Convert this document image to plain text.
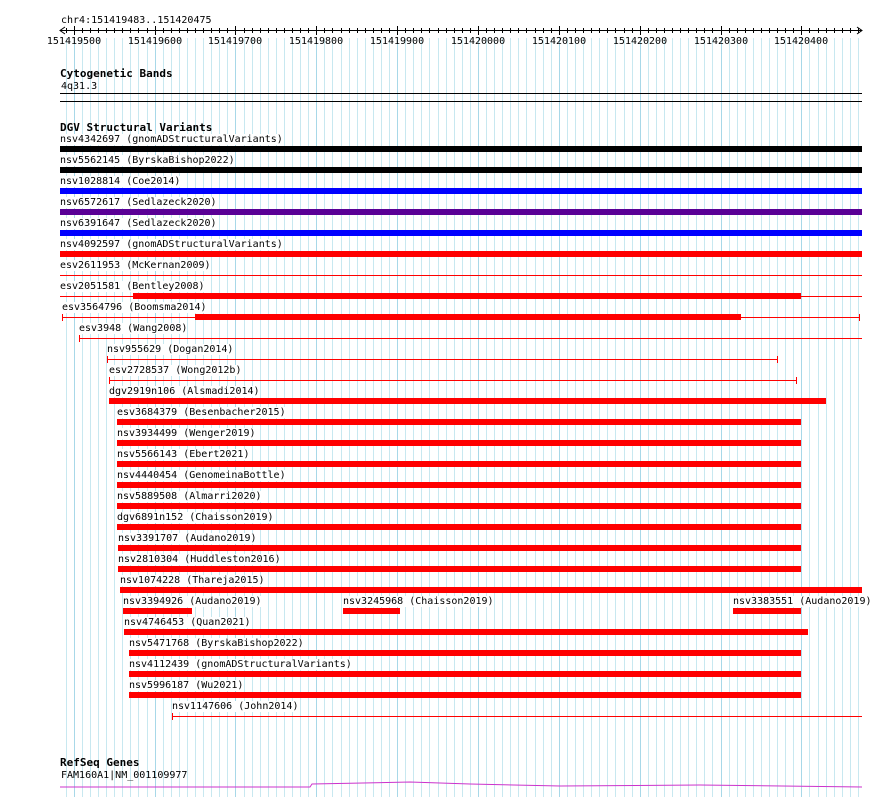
chr4:151419483..151420475
151419500	151419600	151419700	151419800	151419900	151420000	151420100	151420200	151420300	151420400
Cytogenetic Bands
4q31.3
DGV Structural Variants
nsv4342697 (gnomADStructuralVariants)
nsv5562145 (ByrskaBishop2022)
nsv1028814 (Coe2014)
nsv6572617 (Sedlazeck2020)
nsv6391647 (Sedlazeck2020)
nsv4092597 (gnomADStructuralVariants)
esv2611953 (McKernan2009)
esv2051581 (Bentley2008)
esv3564796 (Boomsma2014)
esv3948 (Wang2008)
nsv955629 (Dogan2014)
esv2728537 (Wong2012b)
dgv2919n106 (Alsmadi2014)
esv3684379 (Besenbacher2015)
nsv3934499 (Wenger2019)
nsv5566143 (Ebert2021)
nsv4440454 (GenomeinaBottle)
nsv5889508 (Almarri2020)
dgv6891n152 (Chaisson2019)
nsv3391707 (Audano2019)
nsv2810304 (Huddleston2016)
nsv1074228 (Thareja2015)
nsv3394926 (Audano2019)	nsv3245968 (Chaisson2019)	nsv3383551 (Audano2019)
nsv4746453 (Quan2021)
nsv5471768 (ByrskaBishop2022)
nsv4112439 (gnomADStructuralVariants)
nsv5996187 (Wu2021)
nsv1147606 (John2014)
RefSeq Genes
FAM160A1|NM_001109977
